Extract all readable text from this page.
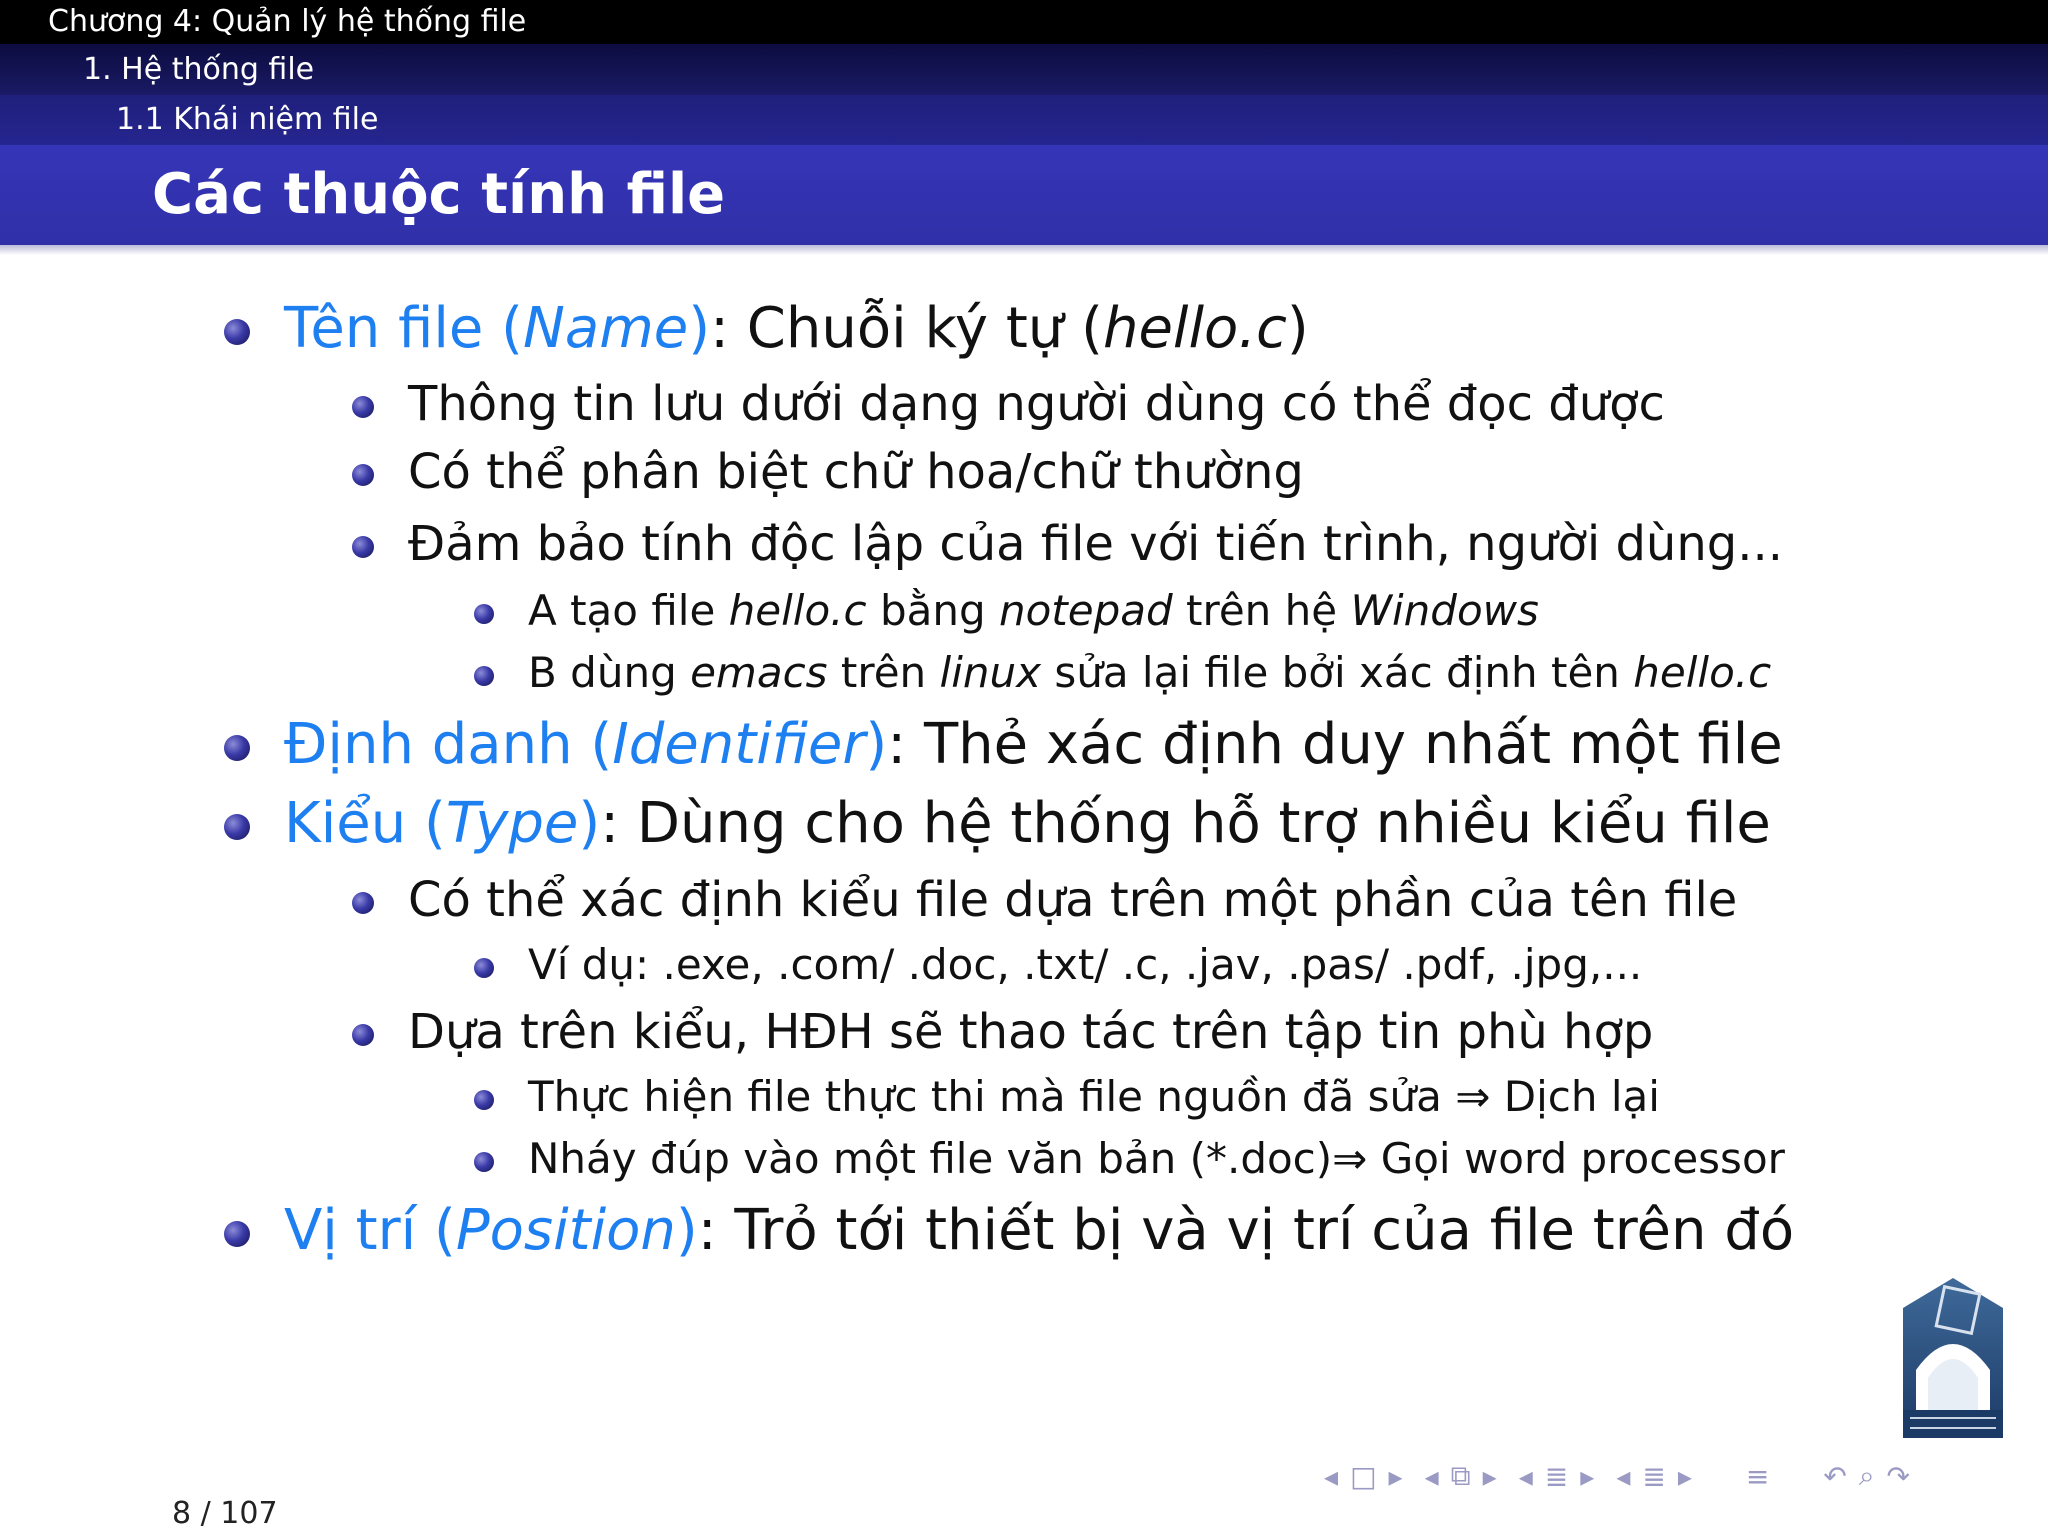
Chương 4: Quản lý hệ thống file
1. Hệ thống file
1.1 Khái niệm file
Các thuộc tính file
Tên file (Name): Chuỗi ký tự (hello.c)
Thông tin lưu dưới dạng người dùng có thể đọc được
Có thể phân biệt chữ hoa/chữ thường
Đảm bảo tính độc lập của file với tiến trình, người dùng...
A tạo file hello.c bằng notepad trên hệ Windows
B dùng emacs trên linux sửa lại file bởi xác định tên hello.c
Định danh (Identifier): Thẻ xác định duy nhất một file
Kiểu (Type): Dùng cho hệ thống hỗ trợ nhiều kiểu file
Có thể xác định kiểu file dựa trên một phần của tên file
Ví dụ: .exe, .com/ .doc, .txt/ .c, .jav, .pas/ .pdf, .jpg,...
Dựa trên kiểu, HĐH sẽ thao tác trên tập tin phù hợp
Thực hiện file thực thi mà file nguồn đã sửa ⇒ Dịch lại
Nháy đúp vào một file văn bản (*.doc)⇒ Gọi word processor
Vị trí (Position): Trỏ tới thiết bị và vị trí của file trên đó
◂ □ ▸ ◂ ⧉ ▸ ◂ ≣ ▸ ◂ ≣ ▸ ≡ ↶ ⌕ ↷
8 / 107
